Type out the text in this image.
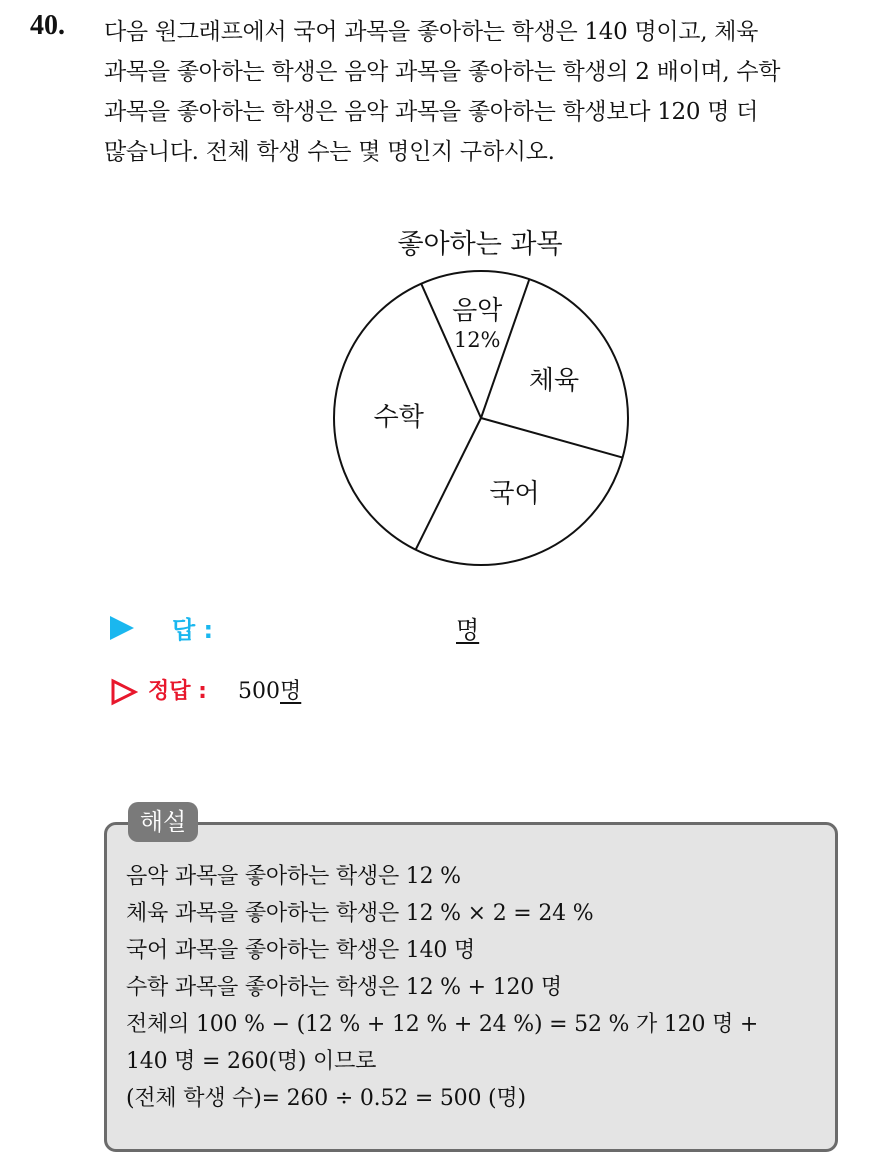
40. 다음 원그래프에서 국어 과목을 좋아하는 학생은 140 명이고, 체육
과목을 좋아하는 학생은 음악 과목을 좋아하는 학생의 2 배이며, 수학
과목을 좋아하는 학생은 음악 과목을 좋아하는 학생보다 120 명 더
많습니다. 전체 학생 수는 몇 명인지 구하시오.
좋아하는 과목
음악
12%
체육
국어
수학
답 :	명
정답 : 500명
해설
음악 과목을 좋아하는 학생은 12 %
체육 과목을 좋아하는 학생은 12 % × 2 = 24 %
국어 과목을 좋아하는 학생은 140 명
수학 과목을 좋아하는 학생은 12 % + 120 명
전체의 100 % − (12 % + 12 % + 24 %) = 52 % 가 120 명 +
140 명 = 260(명) 이므로
(전체 학생 수)= 260 ÷ 0.52 = 500 (명)
